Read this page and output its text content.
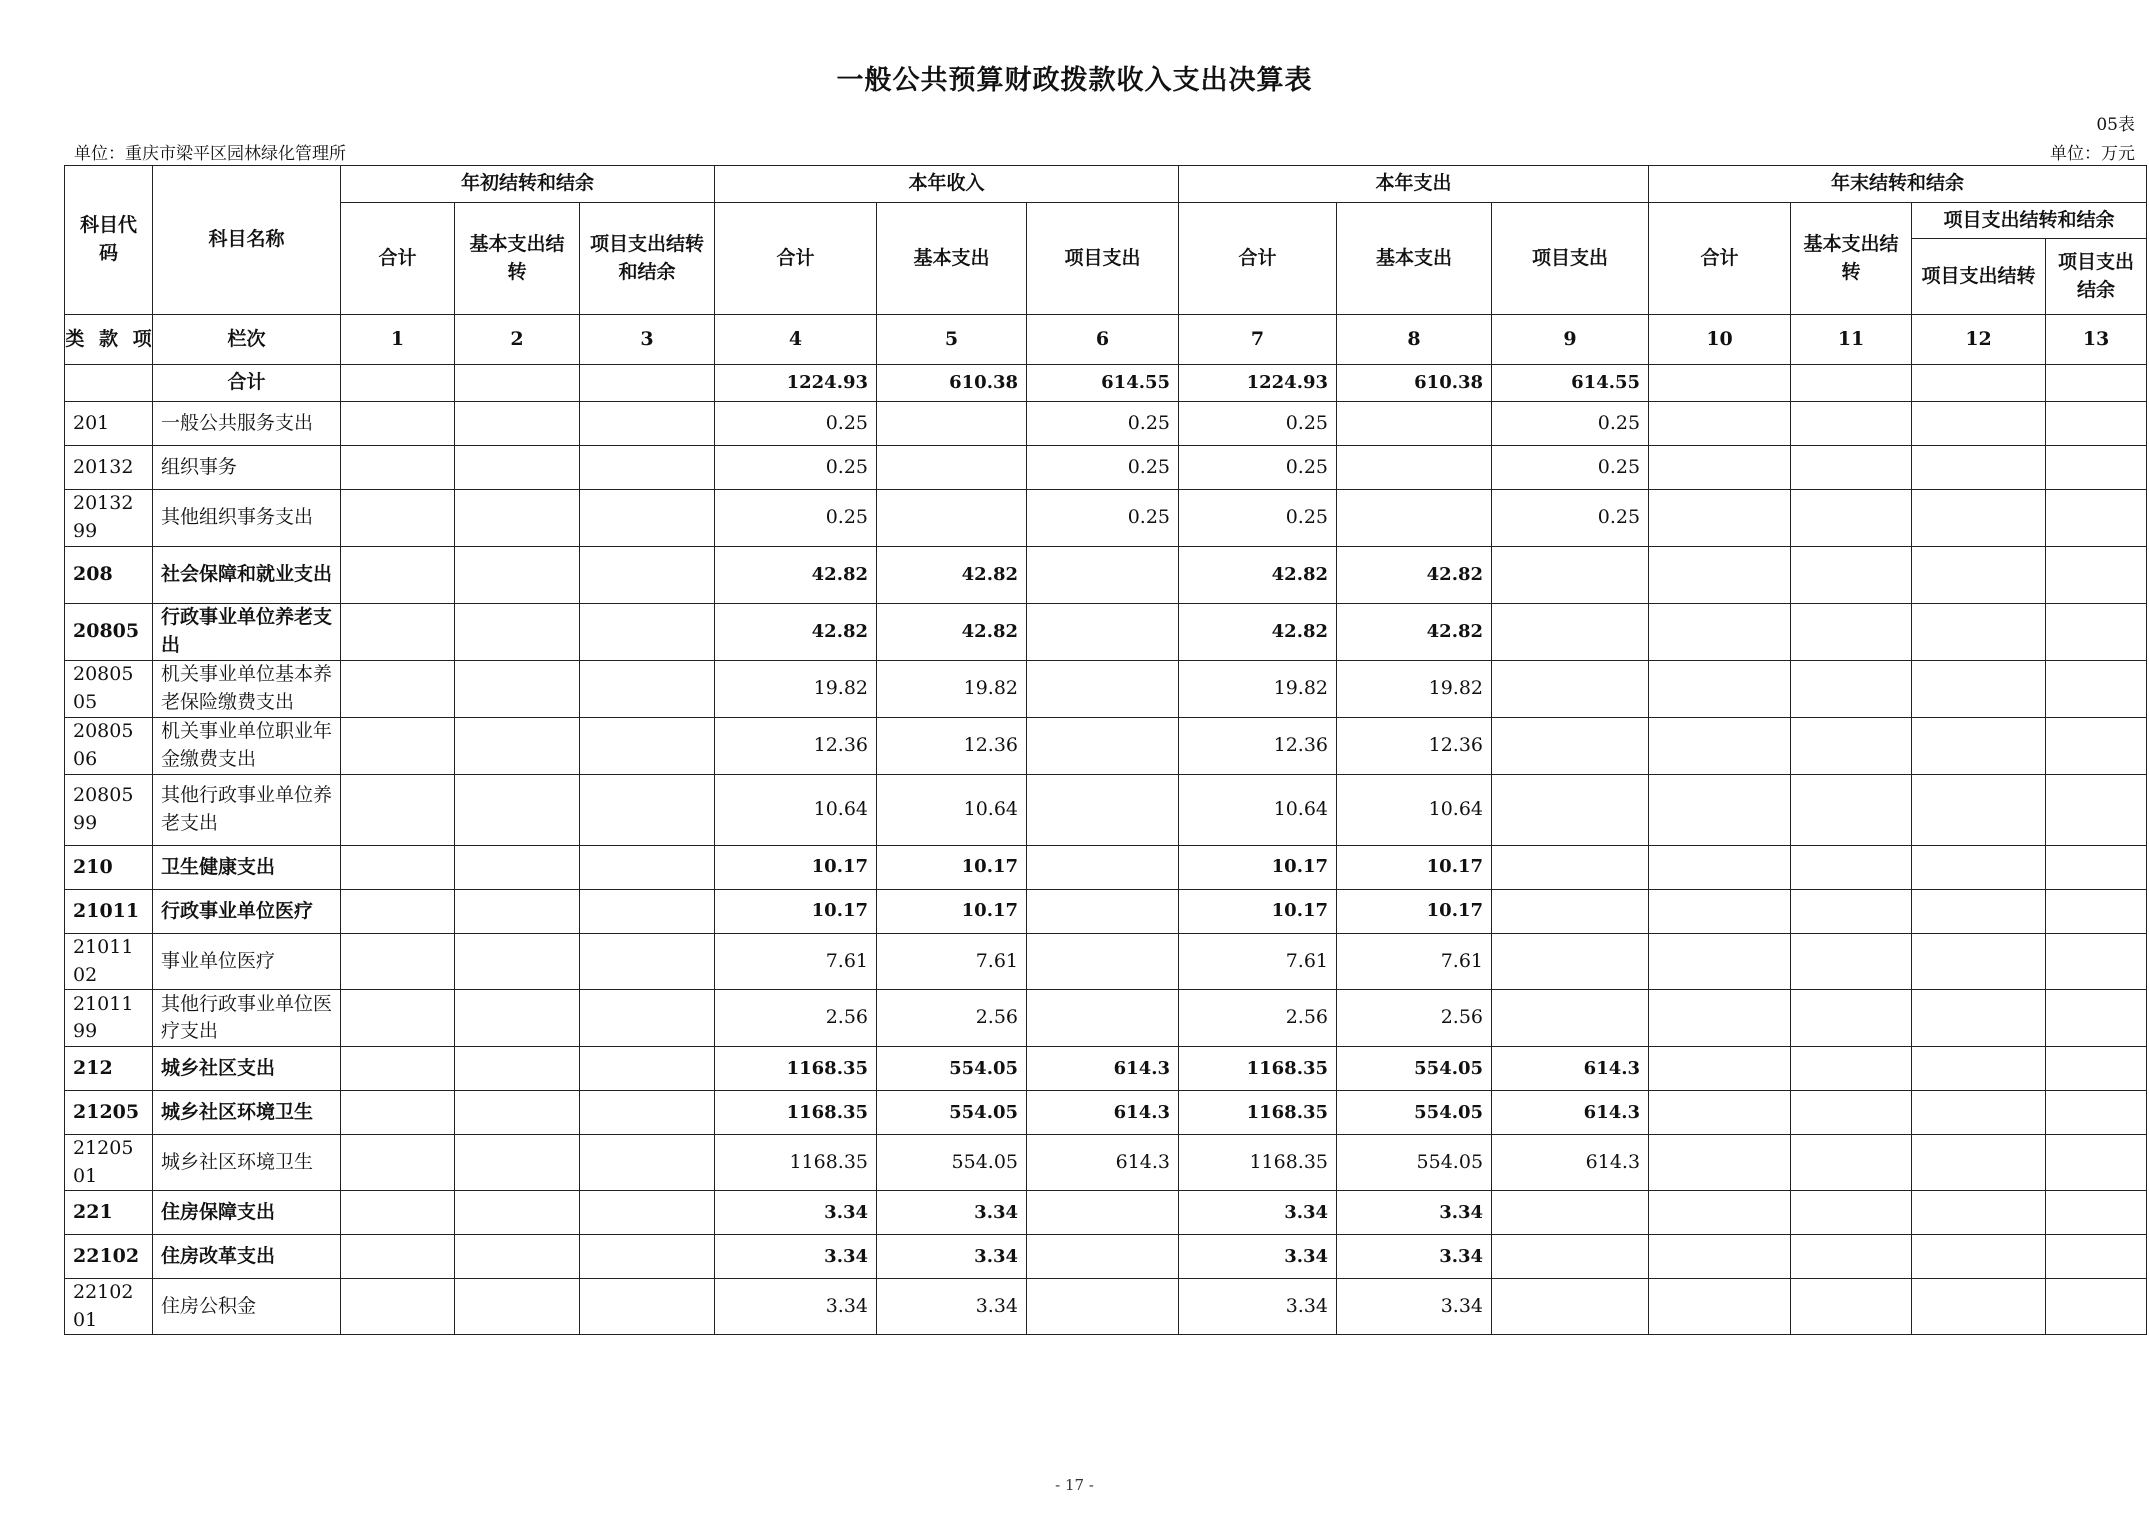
一般公共预算财政拨款收入支出决算表
05表
单位：重庆市梁平区园林绿化管理所	单位：万元
科目代码	科目名称	年初结转和结余			本年收入			本年支出			年末结转和结余			
		合计	基本支出结转	项目支出结转和结余	合计	基本支出	项目支出	合计	基本支出	项目支出	合计	基本支出结转	项目支出结转和结余	
													项目支出结转	项目支出结余
类 款 项	栏次	1	2	3	4	5	6	7	8	9	10	11	12	13
	合计				1224.93	610.38	614.55	1224.93	610.38	614.55				
201	一般公共服务支出				0.25		0.25	0.25		0.25				
20132	组织事务				0.25		0.25	0.25		0.25				
2013299	其他组织事务支出				0.25		0.25	0.25		0.25				
208	社会保障和就业支出				42.82	42.82		42.82	42.82					
20805	行政事业单位养老支出				42.82	42.82		42.82	42.82					
2080505	机关事业单位基本养老保险缴费支出				19.82	19.82		19.82	19.82					
2080506	机关事业单位职业年金缴费支出				12.36	12.36		12.36	12.36					
2080599	其他行政事业单位养老支出				10.64	10.64		10.64	10.64					
210	卫生健康支出				10.17	10.17		10.17	10.17					
21011	行政事业单位医疗				10.17	10.17		10.17	10.17					
2101102	事业单位医疗				7.61	7.61		7.61	7.61					
2101199	其他行政事业单位医疗支出				2.56	2.56		2.56	2.56					
212	城乡社区支出				1168.35	554.05	614.3	1168.35	554.05	614.3				
21205	城乡社区环境卫生				1168.35	554.05	614.3	1168.35	554.05	614.3				
2120501	城乡社区环境卫生				1168.35	554.05	614.3	1168.35	554.05	614.3				
221	住房保障支出				3.34	3.34		3.34	3.34					
22102	住房改革支出				3.34	3.34		3.34	3.34					
2210201	住房公积金				3.34	3.34		3.34	3.34					
- 17 -
